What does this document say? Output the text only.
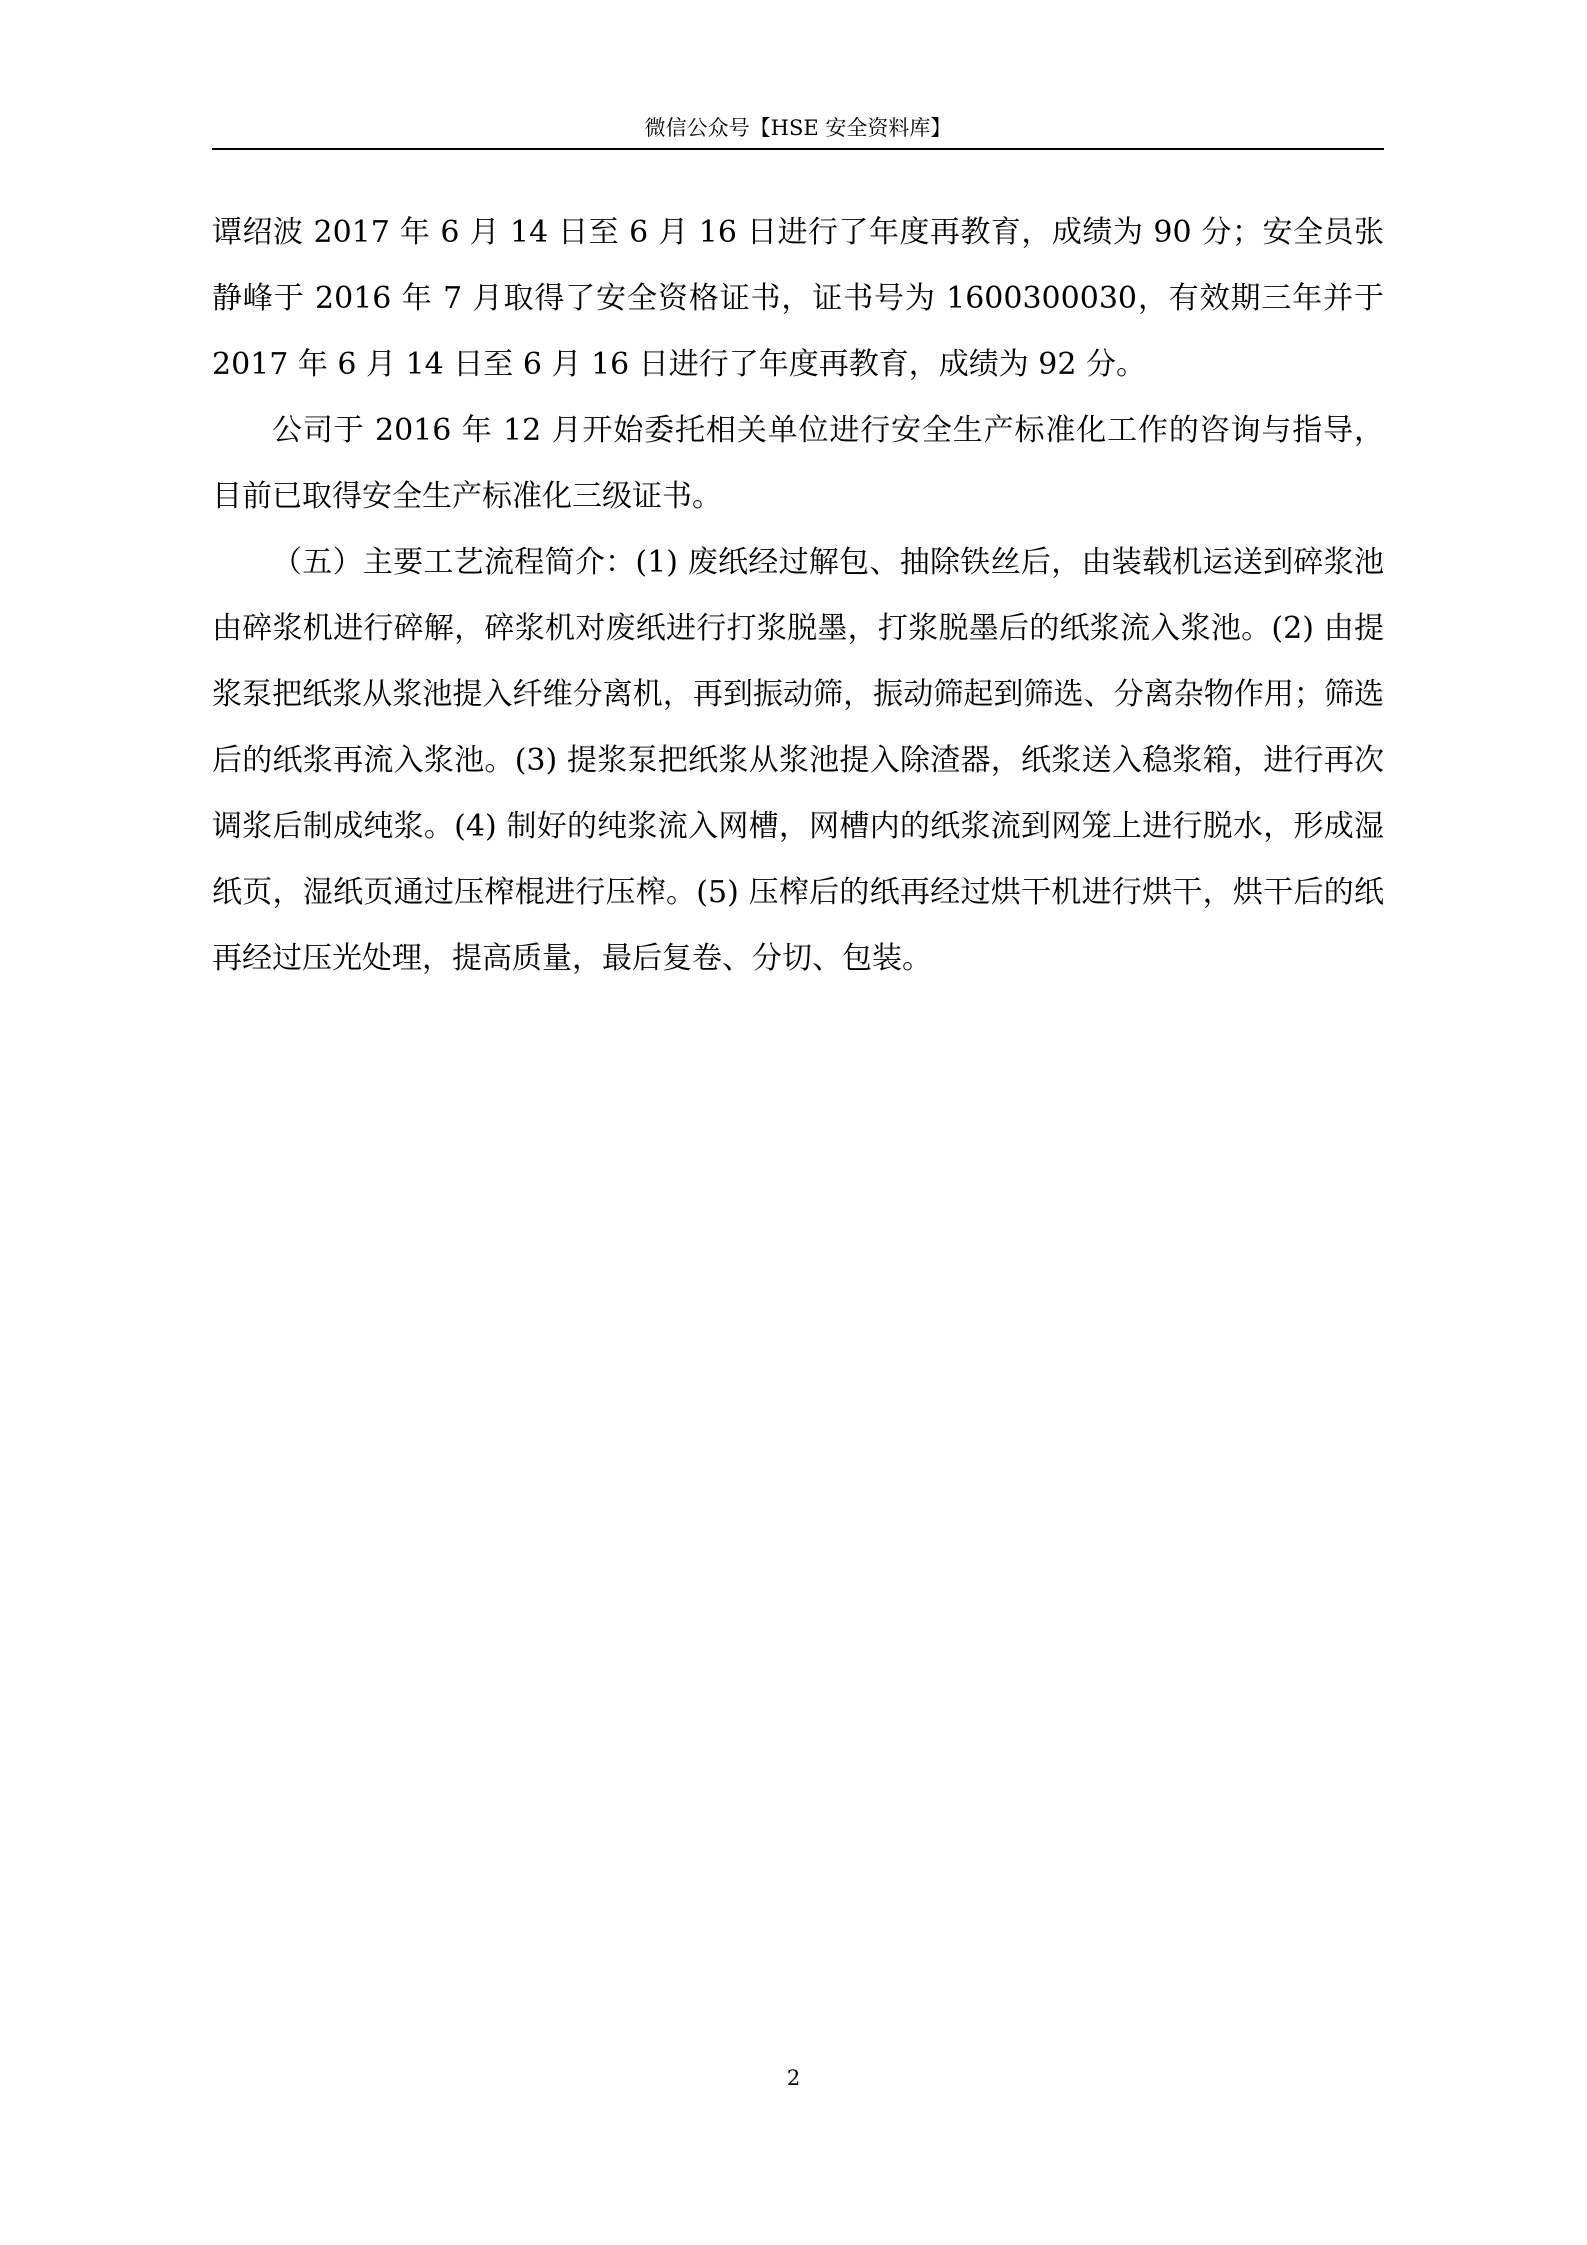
微信公众号【HSE 安全资料库】

谭绍波 2017 年 6 月 14 日至 6 月 16 日进行了年度再教育，成绩为 90 分；安全员张静峰于 2016 年 7 月取得了安全资格证书，证书号为 1600300030，有效期三年并于 2017 年 6 月 14 日至 6 月 16 日进行了年度再教育，成绩为 92 分。

公司于 2016 年 12 月开始委托相关单位进行安全生产标准化工作的咨询与指导，目前已取得安全生产标准化三级证书。

（五）主要工艺流程简介：(1) 废纸经过解包、抽除铁丝后，由装载机运送到碎浆池由碎浆机进行碎解，碎浆机对废纸进行打浆脱墨，打浆脱墨后的纸浆流入浆池。(2) 由提浆泵把纸浆从浆池提入纤维分离机，再到振动筛，振动筛起到筛选、分离杂物作用；筛选后的纸浆再流入浆池。(3) 提浆泵把纸浆从浆池提入除渣器，纸浆送入稳浆箱，进行再次调浆后制成纯浆。(4) 制好的纯浆流入网槽，网槽内的纸浆流到网笼上进行脱水，形成湿纸页，湿纸页通过压榨棍进行压榨。(5) 压榨后的纸再经过烘干机进行烘干，烘干后的纸再经过压光处理，提高质量，最后复卷、分切、包装。

2
